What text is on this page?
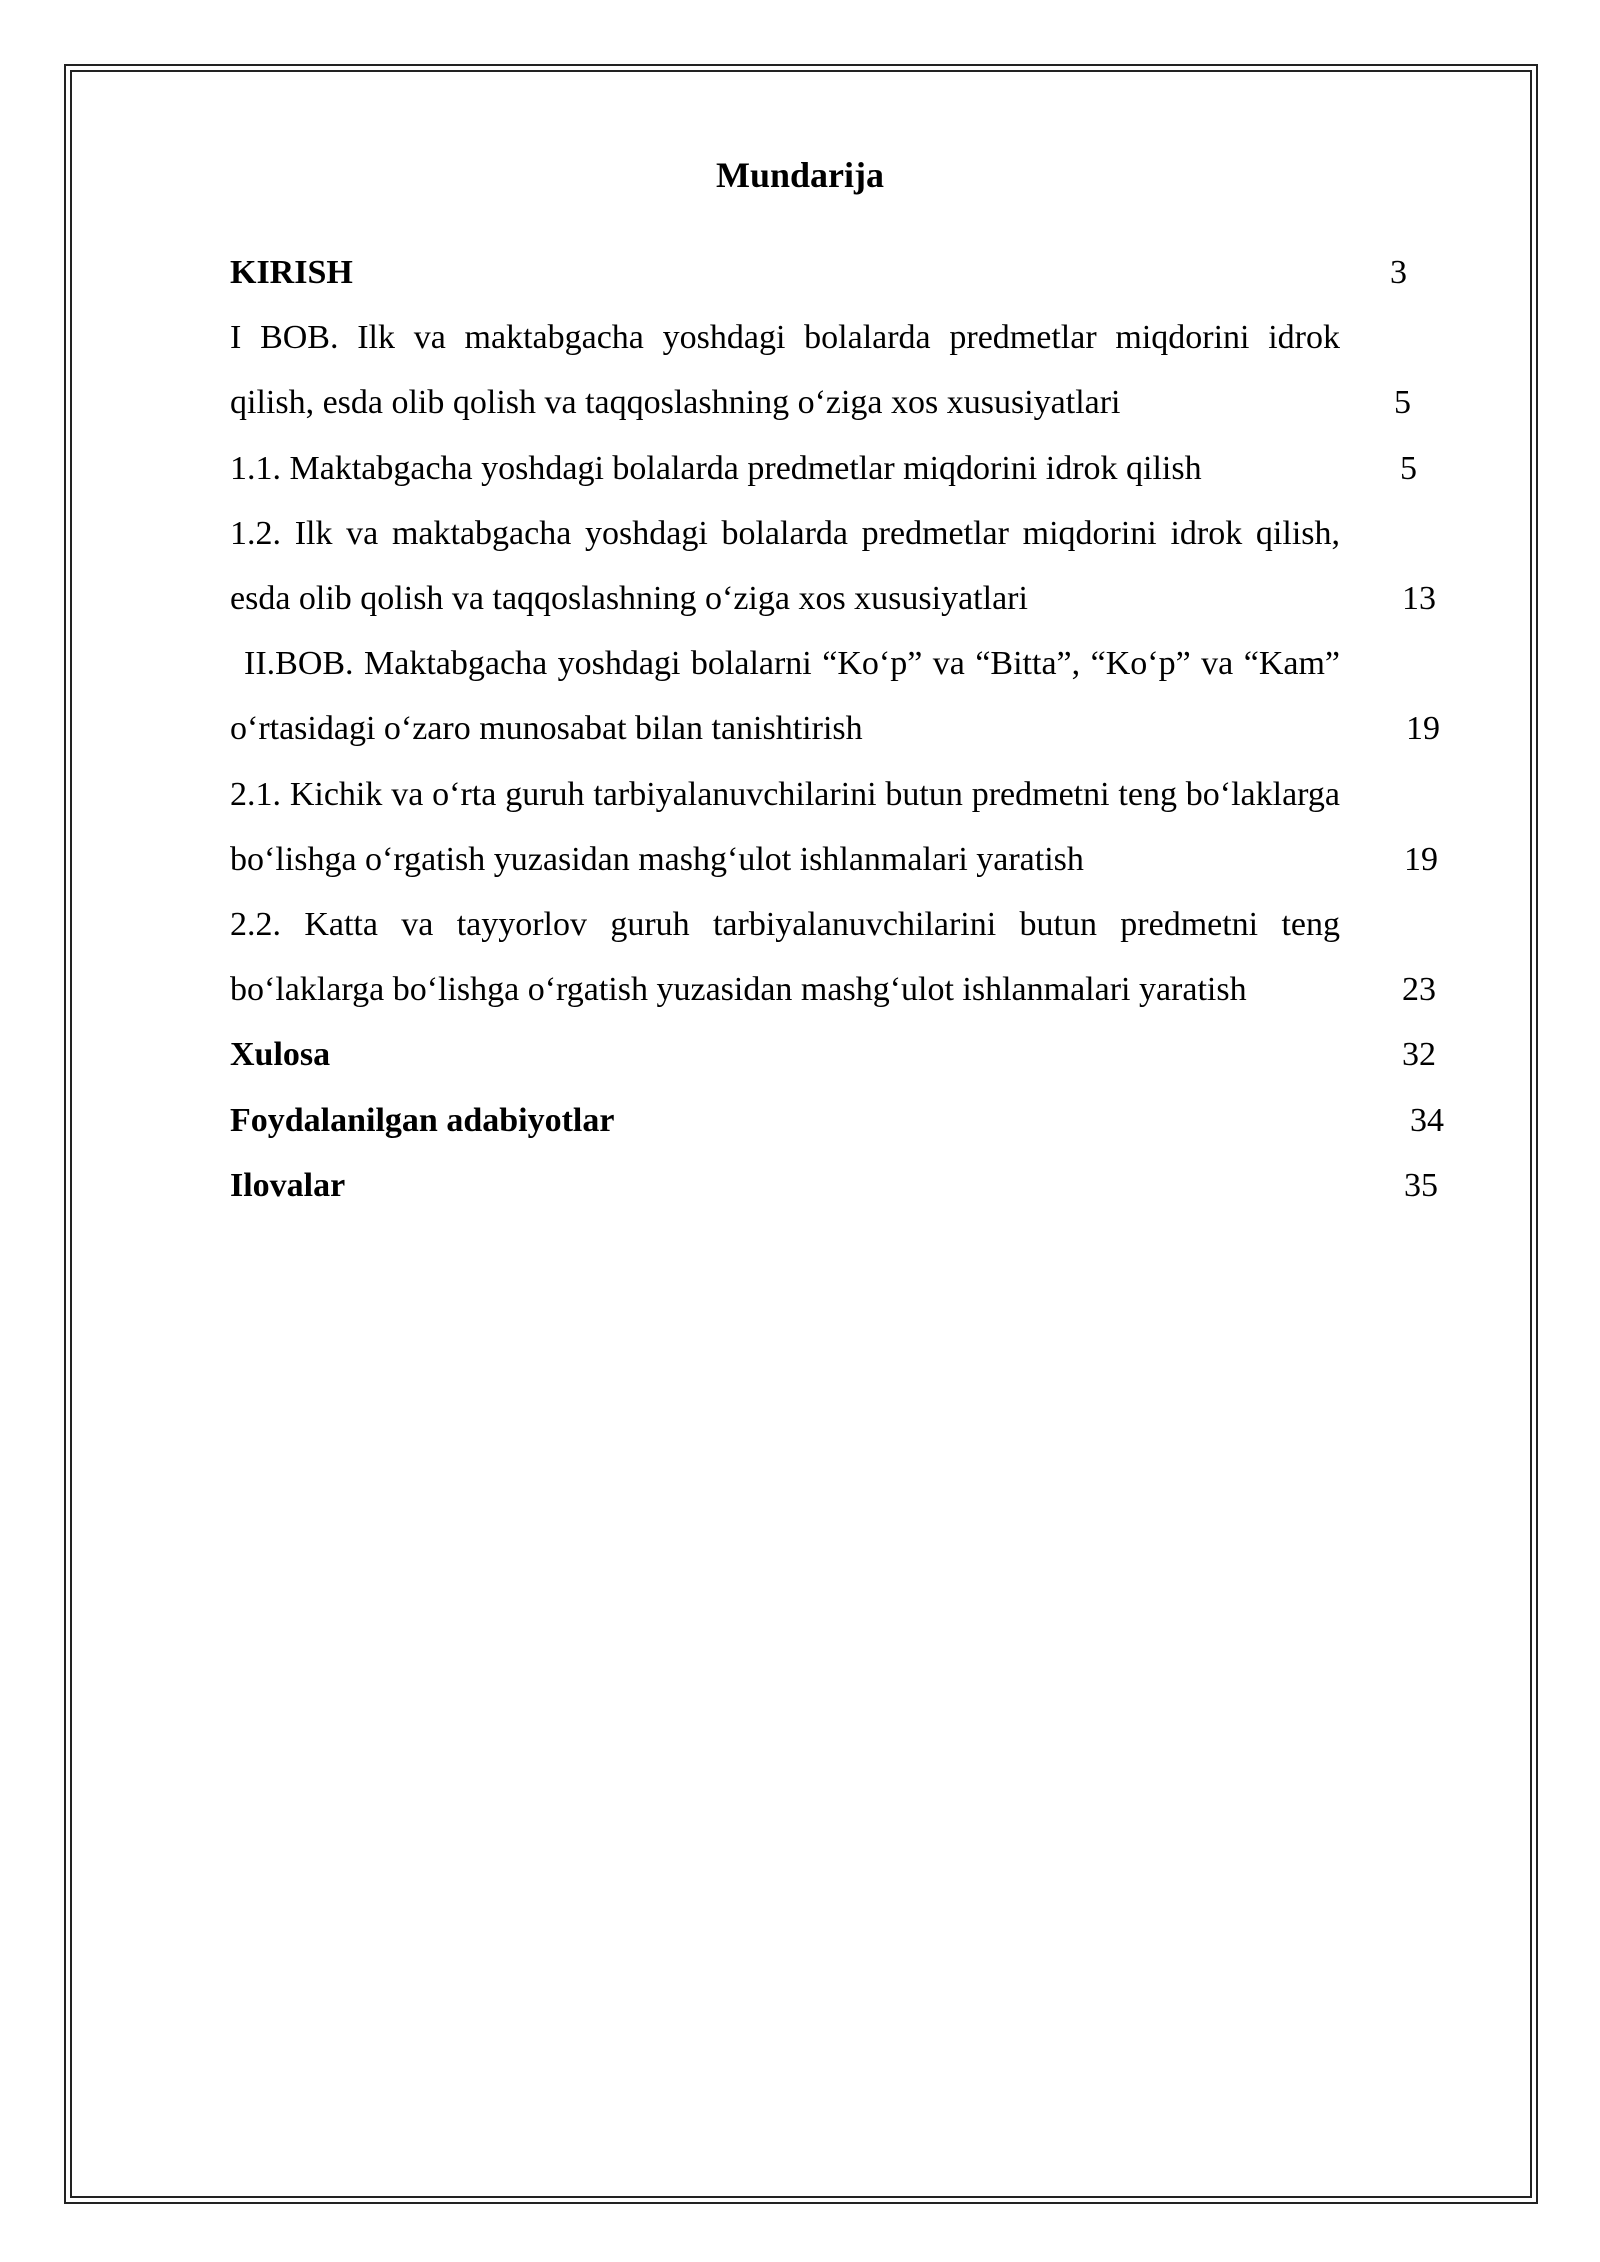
Mundarija
KIRISH	3
I BOB. Ilk va maktabgacha yoshdagi bolalarda predmetlar miqdorini idrok qilish, esda olib qolish va taqqoslashning o‘ziga xos xususiyatlari	5
1.1. Maktabgacha yoshdagi bolalarda predmetlar miqdorini idrok qilish	5
1.2. Ilk va maktabgacha yoshdagi bolalarda predmetlar miqdorini idrok qilish, esda olib qolish va taqqoslashning o‘ziga xos xususiyatlari	13
II.BOB. Maktabgacha yoshdagi bolalarni “Ko‘p” va “Bitta”, “Ko‘p” va “Kam” o‘rtasidagi o‘zaro munosabat bilan tanishtirish	19
2.1. Kichik va o‘rta guruh tarbiyalanuvchilarini butun predmetni teng bo‘laklarga bo‘lishga o‘rgatish yuzasidan mashg‘ulot ishlanmalari yaratish	19
2.2. Katta va tayyorlov guruh tarbiyalanuvchilarini butun predmetni teng bo‘laklarga bo‘lishga o‘rgatish yuzasidan mashg‘ulot ishlanmalari yaratish	23
Xulosa	32
Foydalanilgan adabiyotlar	34
Ilovalar	35
